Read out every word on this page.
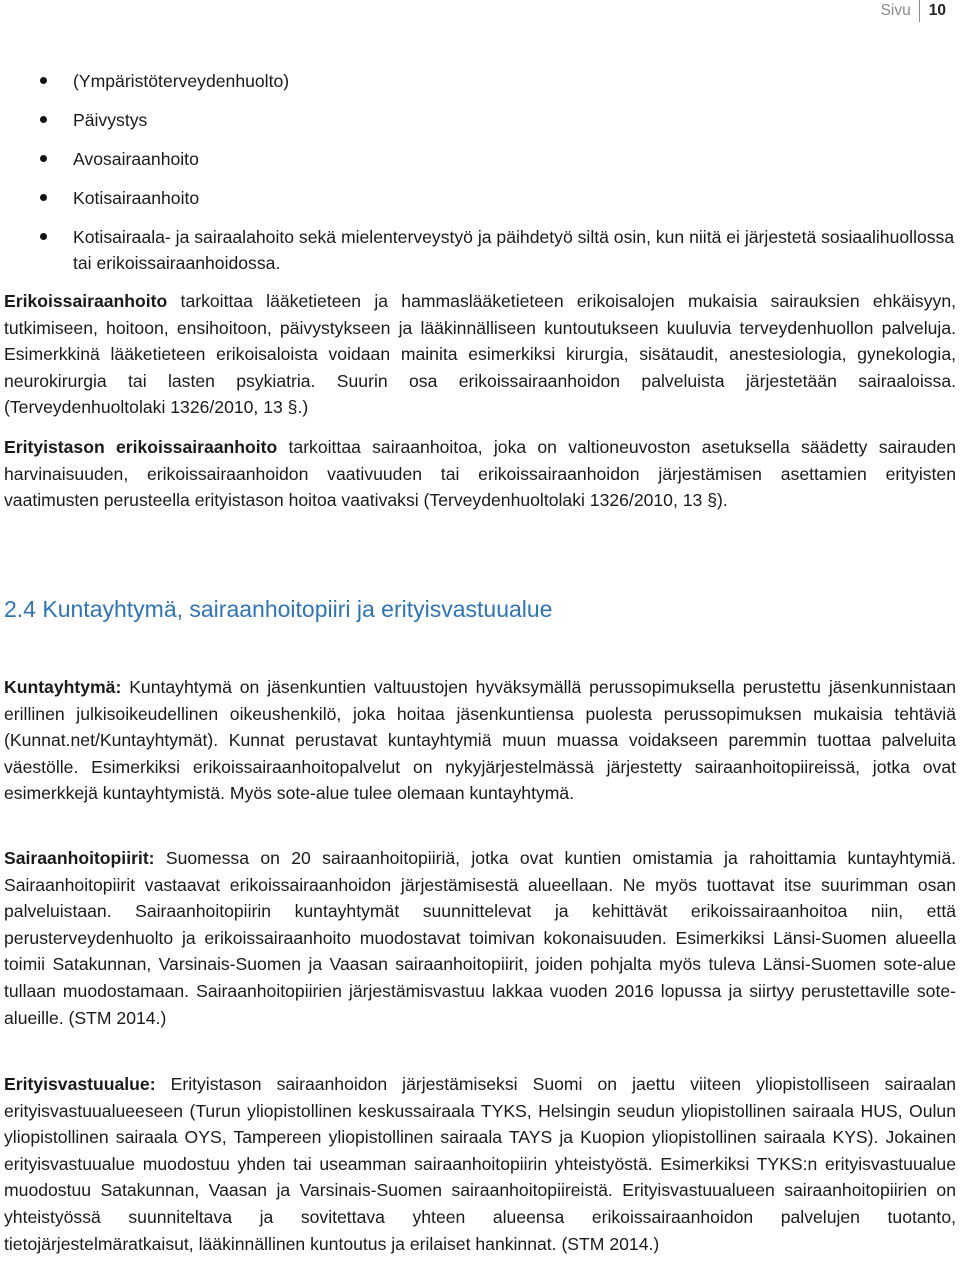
Sivu	10
(Ympäristöterveydenhuolto)
Päivystys
Avosairaanhoito
Kotisairaanhoito
Kotisairaala- ja sairaalahoito sekä mielenterveystyö ja päihdetyö siltä osin, kun niitä ei järjestetä sosiaalihuollossa tai erikoissairaanhoidossa.

Erikoissairaanhoito tarkoittaa lääketieteen ja hammaslääketieteen erikoisalojen mukaisia sairauksien ehkäisyyn, tutkimiseen, hoitoon, ensihoitoon, päivystykseen ja lääkinnälliseen kuntoutukseen kuuluvia terveydenhuollon palveluja. Esimerkkinä lääketieteen erikoisaloista voidaan mainita esimerkiksi kirurgia, sisätaudit, anestesiologia, gynekologia, neurokirurgia tai lasten psykiatria. Suurin osa erikoissairaanhoidon palveluista järjestetään sairaaloissa. (Terveydenhuoltolaki 1326/2010, 13 §.)

Erityistason erikoissairaanhoito tarkoittaa sairaanhoitoa, joka on valtioneuvoston asetuksella säädetty sairauden harvinaisuuden, erikoissairaanhoidon vaativuuden tai erikoissairaanhoidon järjestämisen asettamien erityisten vaatimusten perusteella erityistason hoitoa vaativaksi (Terveydenhuoltolaki 1326/2010, 13 §).

2.4 Kuntayhtymä, sairaanhoitopiiri ja erityisvastuualue

Kuntayhtymä: Kuntayhtymä on jäsenkuntien valtuustojen hyväksymällä perussopimuksella perustettu jäsenkunnistaan erillinen julkisoikeudellinen oikeushenkilö, joka hoitaa jäsenkuntiensa puolesta perussopimuksen mukaisia tehtäviä (Kunnat.net/Kuntayhtymät). Kunnat perustavat kuntayhtymiä muun muassa voidakseen paremmin tuottaa palveluita väestölle. Esimerkiksi erikoissairaanhoitopalvelut on nykyjärjestelmässä järjestetty sairaanhoitopiireissä, jotka ovat esimerkkejä kuntayhtymistä. Myös sote-alue tulee olemaan kuntayhtymä.

Sairaanhoitopiirit: Suomessa on 20 sairaanhoitopiiriä, jotka ovat kuntien omistamia ja rahoittamia kuntayhtymiä. Sairaanhoitopiirit vastaavat erikoissairaanhoidon järjestämisestä alueellaan. Ne myös tuottavat itse suurimman osan palveluistaan. Sairaanhoitopiirin kuntayhtymät suunnittelevat ja kehittävät erikoissairaanhoitoa niin, että perusterveydenhuolto ja erikoissairaanhoito muodostavat toimivan kokonaisuuden. Esimerkiksi Länsi-Suomen alueella toimii Satakunnan, Varsinais-Suomen ja Vaasan sairaanhoitopiirit, joiden pohjalta myös tuleva Länsi-Suomen sote-alue tullaan muodostamaan. Sairaanhoitopiirien järjestämisvastuu lakkaa vuoden 2016 lopussa ja siirtyy perustettaville sote-alueille. (STM 2014.)

Erityisvastuualue: Erityistason sairaanhoidon järjestämiseksi Suomi on jaettu viiteen yliopistolliseen sairaalan erityisvastuualueeseen (Turun yliopistollinen keskussairaala TYKS, Helsingin seudun yliopistollinen sairaala HUS, Oulun yliopistollinen sairaala OYS, Tampereen yliopistollinen sairaala TAYS ja Kuopion yliopistollinen sairaala KYS). Jokainen erityisvastuualue muodostuu yhden tai useamman sairaanhoitopiirin yhteistyöstä. Esimerkiksi TYKS:n erityisvastuualue muodostuu Satakunnan, Vaasan ja Varsinais-Suomen sairaanhoitopiireistä. Erityisvastuualueen sairaanhoitopiirien on yhteistyössä suunniteltava ja sovitettava yhteen alueensa erikoissairaanhoidon palvelujen tuotanto, tietojärjestelmäratkaisut, lääkinnällinen kuntoutus ja erilaiset hankinnat. (STM 2014.)
